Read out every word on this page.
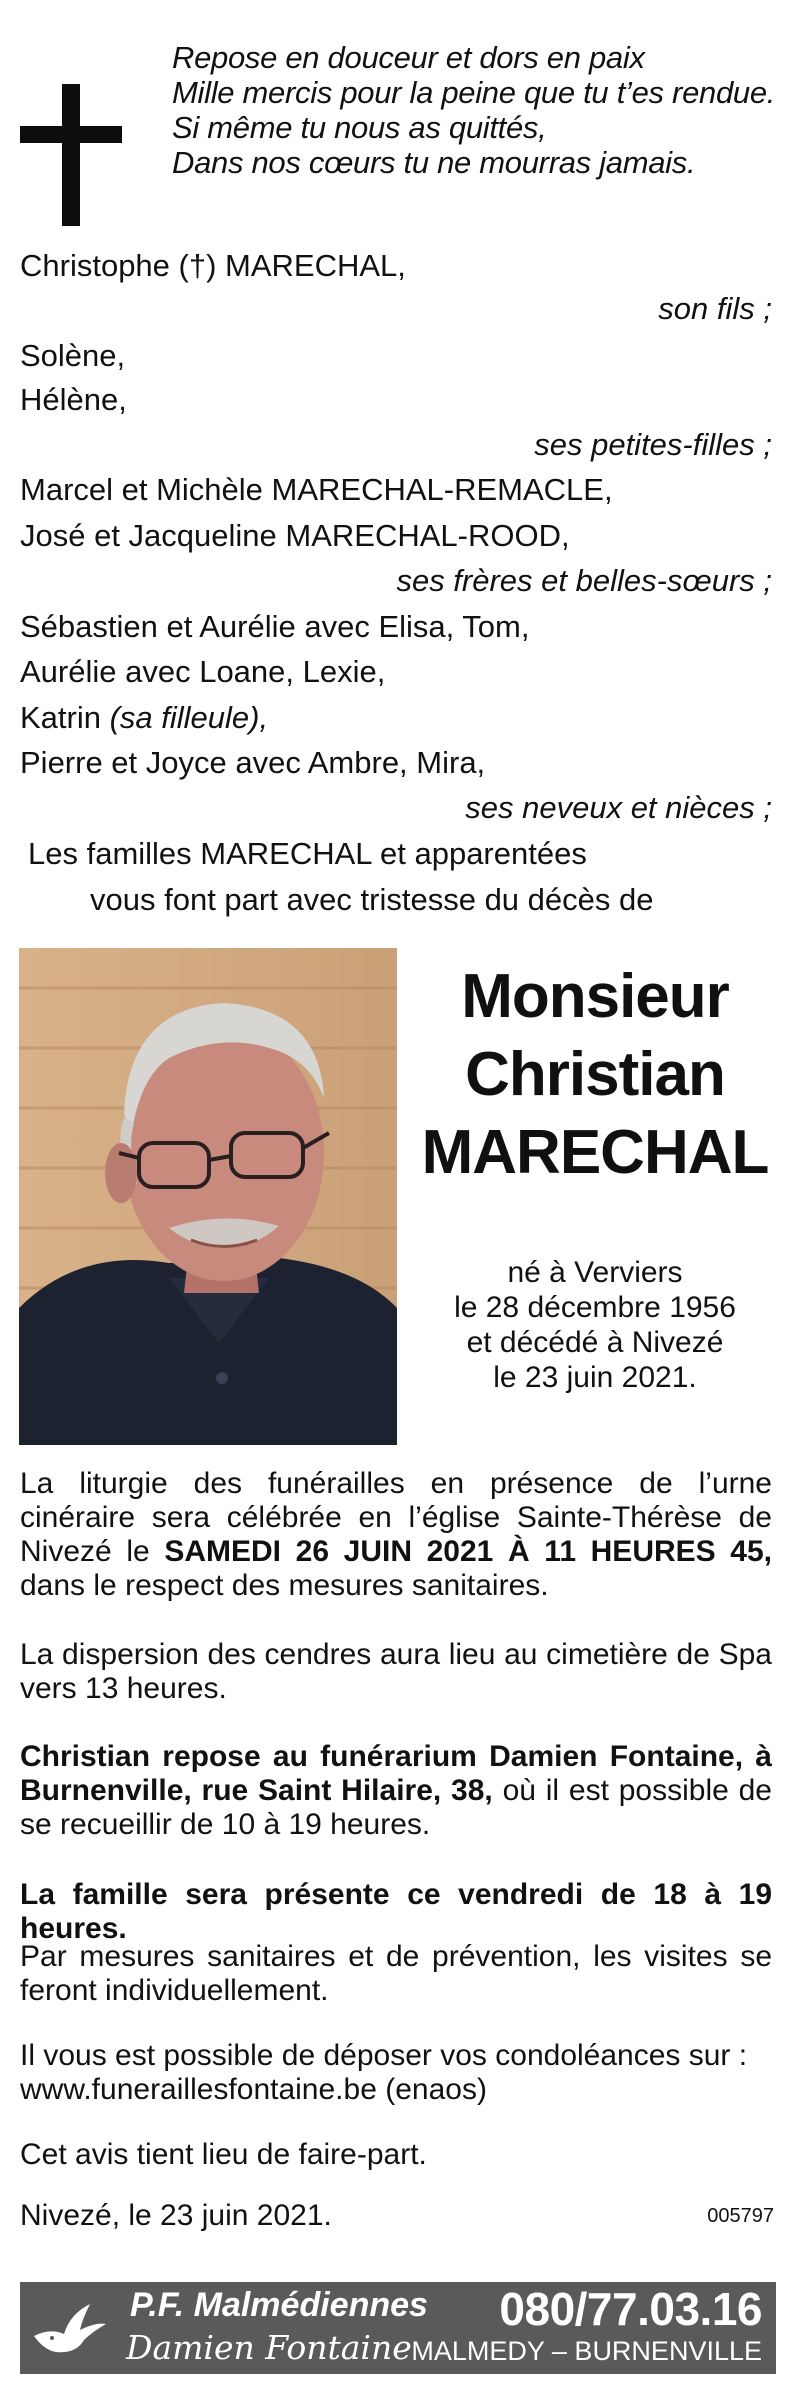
Repose en douceur et dors en paix
Mille mercis pour la peine que tu t’es rendue.
Si même tu nous as quittés,
Dans nos cœurs tu ne mourras jamais.
Christophe (†) MARECHAL,
son fils ;
Solène,
Hélène,
ses petites-filles ;
Marcel et Michèle MARECHAL-REMACLE,
José et Jacqueline MARECHAL-ROOD,
ses frères et belles-sœurs ;
Sébastien et Aurélie avec Elisa, Tom,
Aurélie avec Loane, Lexie,
Katrin (sa filleule),
Pierre et Joyce avec Ambre, Mira,
ses neveux et nièces ;
Les familles MARECHAL et apparentées
vous font part avec tristesse du décès de
Monsieur
Christian
MARECHAL
né à Verviers
le 28 décembre 1956
et décédé à Nivezé
le 23 juin 2021.
La liturgie des funérailles en présence de l’urne cinéraire sera célébrée en l’église Sainte-Thérèse de Nivezé le SAMEDI 26 JUIN 2021 À 11 HEURES 45, dans le respect des mesures sanitaires.
La dispersion des cendres aura lieu au cimetière de Spa vers 13 heures.
Christian repose au funérarium Damien Fontaine, à Burnenville, rue Saint Hilaire, 38, où il est possible de se recueillir de 10 à 19 heures.
La famille sera présente ce vendredi de 18 à 19 heures.
Par mesures sanitaires et de prévention, les visites se feront individuellement.
Il vous est possible de déposer vos condoléances sur : www.funeraillesfontaine.be (enaos)
Cet avis tient lieu de faire-part.
Nivezé, le 23 juin 2021.	005797
P.F. Malmédiennes
Damien Fontaine
080/77.03.16
MALMEDY – BURNENVILLE
